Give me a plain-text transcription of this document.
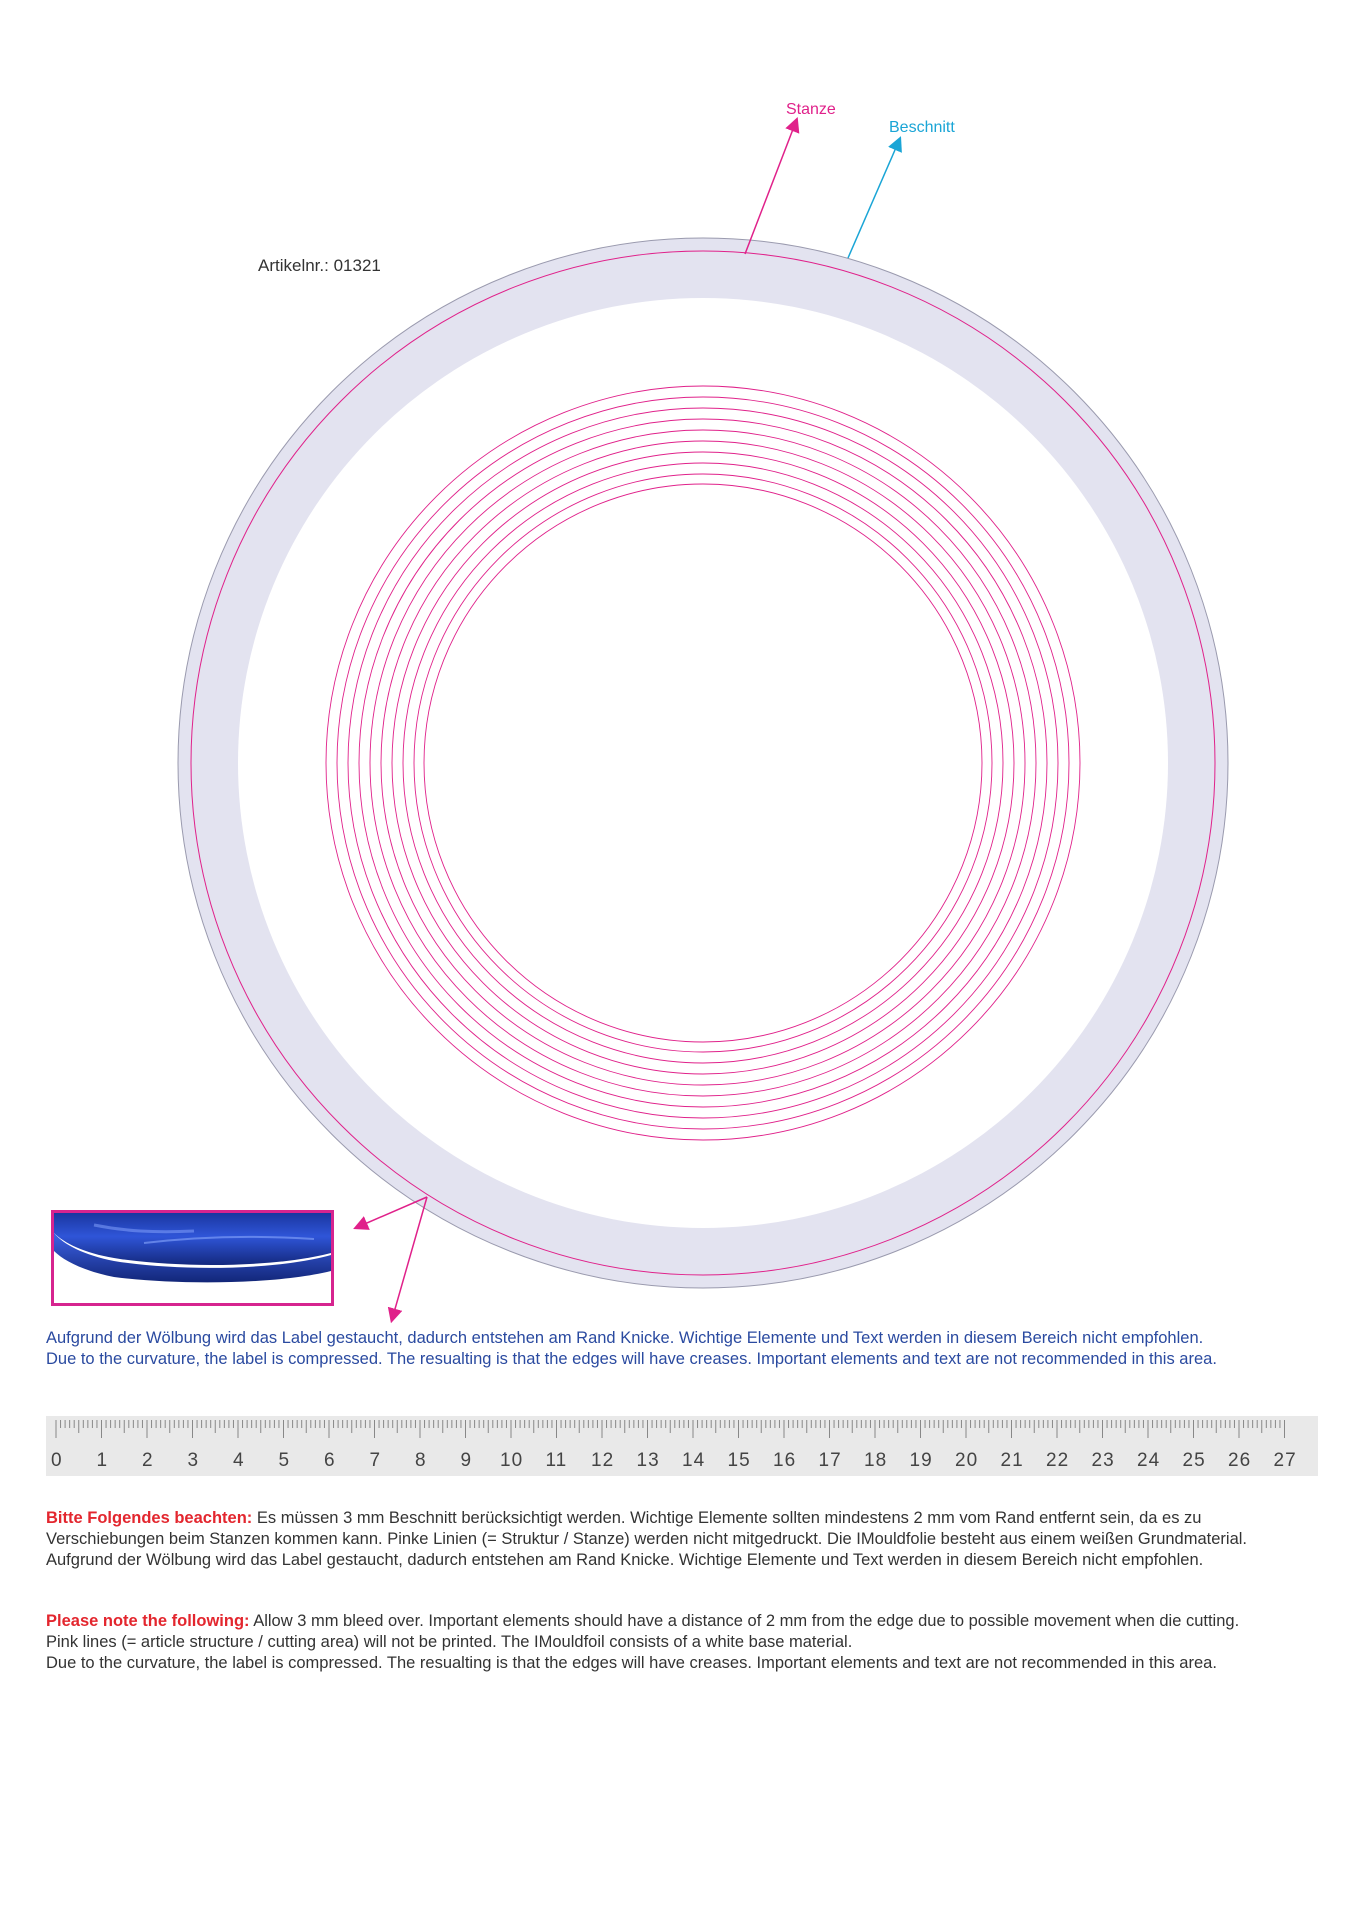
Stanze
Beschnitt
Artikelnr.: 01321
Aufgrund der Wölbung wird das Label gestaucht, dadurch entstehen am Rand Knicke. Wichtige Elemente und Text werden in diesem Bereich nicht empfohlen.
Due to the curvature, the label is compressed. The resualting is that the edges will have creases. Important elements and text are not recommended in this area.
0 1 2 3 4 5 6 7 8 9 10 11 12 13 14 15 16 17 18 19 20 21 22 23 24 25 26 27
Bitte Folgendes beachten: Es müssen 3 mm Beschnitt berücksichtigt werden. Wichtige Elemente sollten mindestens 2 mm vom Rand entfernt sein, da es zu
Verschiebungen beim Stanzen kommen kann. Pinke Linien (= Struktur / Stanze) werden nicht mitgedruckt. Die IMouldfolie besteht aus einem weißen Grundmaterial.
Aufgrund der Wölbung wird das Label gestaucht, dadurch entstehen am Rand Knicke. Wichtige Elemente und Text werden in diesem Bereich nicht empfohlen.
Please note the following: Allow 3 mm bleed over. Important elements should have a distance of 2 mm from the edge due to possible movement when die cutting.
Pink lines (= article structure / cutting area) will not be printed. The IMouldfoil consists of a white base material.
Due to the curvature, the label is compressed. The resualting is that the edges will have creases. Important elements and text are not recommended in this area.
